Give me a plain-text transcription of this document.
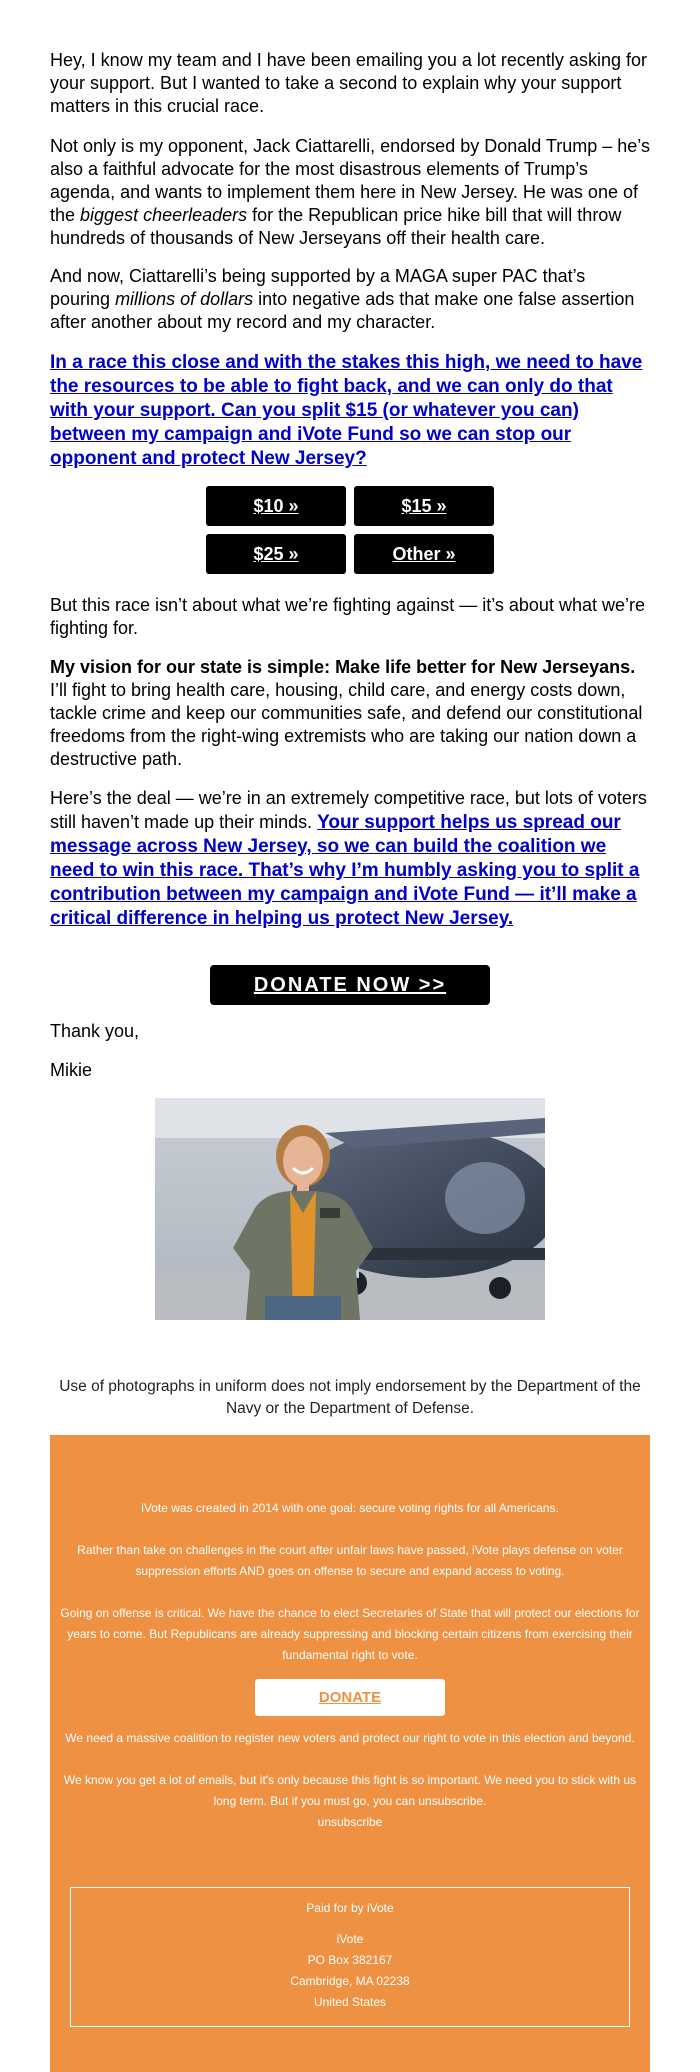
Hey, I know my team and I have been emailing you a lot recently asking for your support. But I wanted to take a second to explain why your support matters in this crucial race.

Not only is my opponent, Jack Ciattarelli, endorsed by Donald Trump – he’s also a faithful advocate for the most disastrous elements of Trump’s agenda, and wants to implement them here in New Jersey. He was one of the biggest cheerleaders for the Republican price hike bill that will throw hundreds of thousands of New Jerseyans off their health care.

And now, Ciattarelli’s being supported by a MAGA super PAC that’s pouring millions of dollars into negative ads that make one false assertion after another about my record and my character.

In a race this close and with the stakes this high, we need to have the resources to be able to fight back, and we can only do that with your support. Can you split $15 (or whatever you can) between my campaign and iVote Fund so we can stop our opponent and protect New Jersey?

$10 »	$15 »
$25 »	Other »

But this race isn’t about what we’re fighting against — it’s about what we’re fighting for.

My vision for our state is simple: Make life better for New Jerseyans. I’ll fight to bring health care, housing, child care, and energy costs down, tackle crime and keep our communities safe, and defend our constitutional freedoms from the right-wing extremists who are taking our nation down a destructive path.

Here’s the deal — we’re in an extremely competitive race, but lots of voters still haven’t made up their minds. Your support helps us spread our message across New Jersey, so we can build the coalition we need to win this race. That’s why I’m humbly asking you to split a contribution between my campaign and iVote Fund — it’ll make a critical difference in helping us protect New Jersey.

DONATE NOW >>

Thank you,

Mikie

Use of photographs in uniform does not imply endorsement by the Department of the Navy or the Department of Defense.

iVote was created in 2014 with one goal: secure voting rights for all Americans.

Rather than take on challenges in the court after unfair laws have passed, iVote plays defense on voter suppression efforts AND goes on offense to secure and expand access to voting.

Going on offense is critical. We have the chance to elect Secretaries of State that will protect our elections for years to come. But Republicans are already suppressing and blocking certain citizens from exercising their fundamental right to vote.

DONATE

We need a massive coalition to register new voters and protect our right to vote in this election and beyond.

We know you get a lot of emails, but it's only because this fight is so important. We need you to stick with us long term. But if you must go, you can unsubscribe.

unsubscribe

Paid for by iVote

iVote

PO Box 382167

Cambridge, MA 02238

United States
